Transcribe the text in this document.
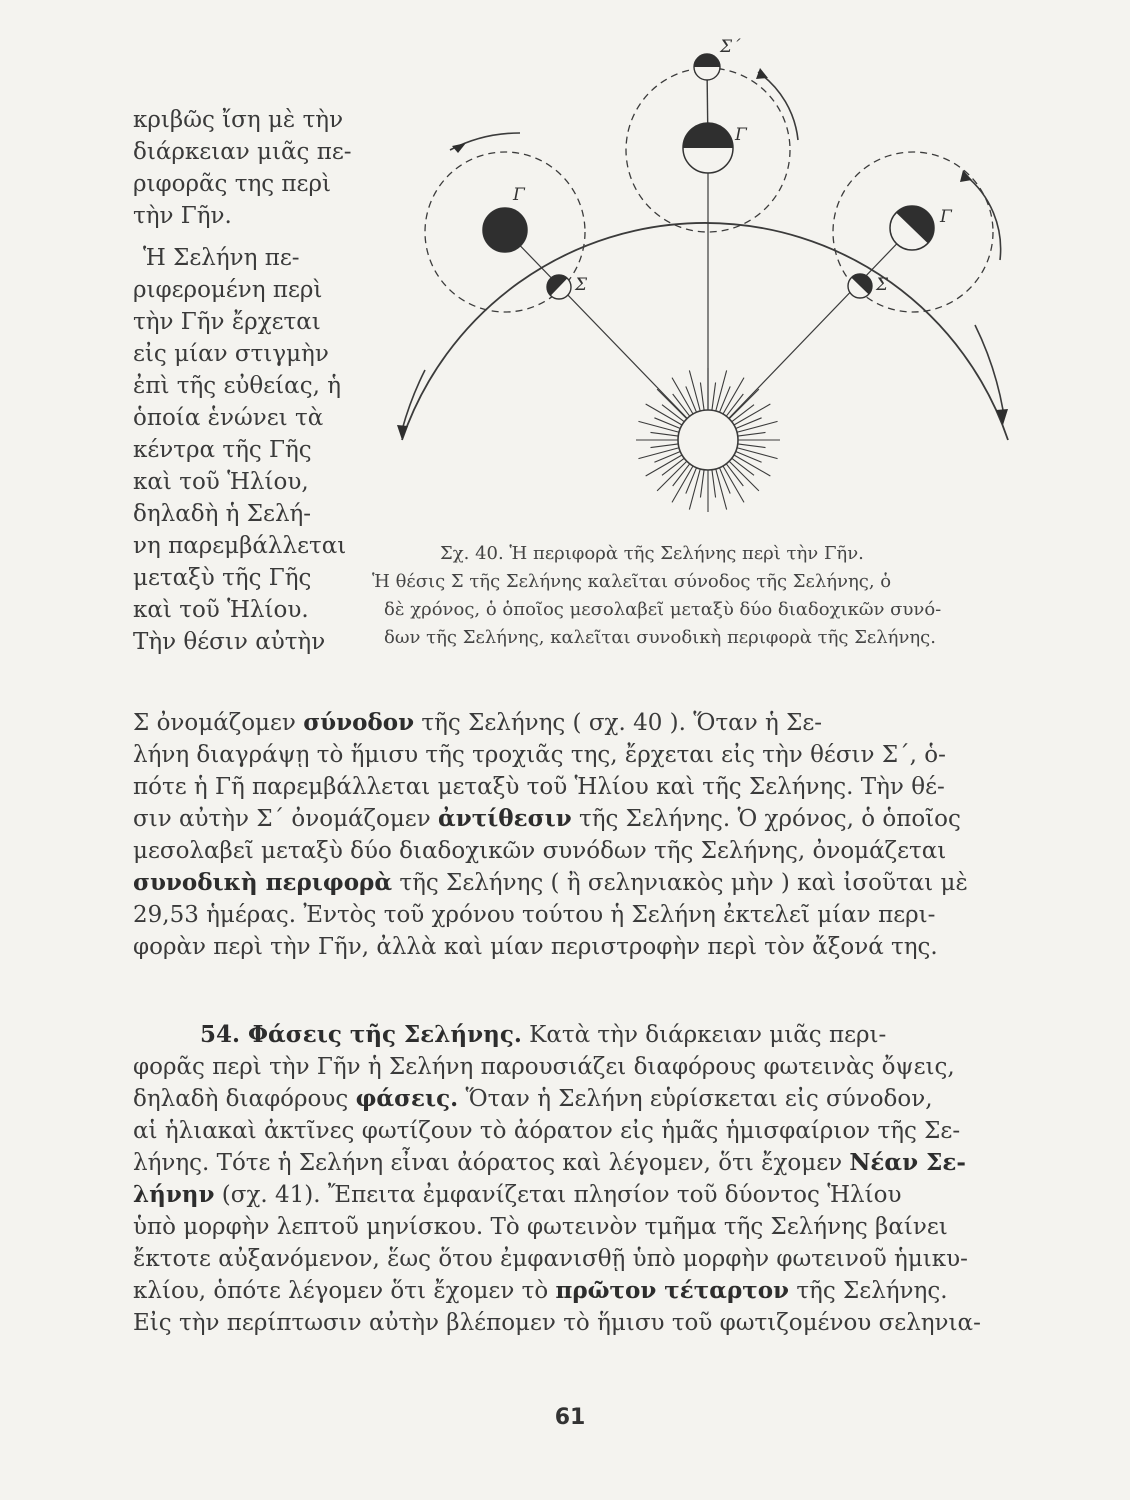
Σ΄
Γ
Γ
Σ
Γ
Σ
Σχ. 40. Ἡ περιφορὰ τῆς Σελήνης περὶ τὴν Γῆν.
Ἡ θέσις Σ τῆς Σελήνης καλεῖται σύνοδος τῆς Σελήνης, ὁ
δὲ χρόνος, ὁ ὁποῖος μεσολαβεῖ μεταξὺ δύο διαδοχικῶν συνό-
δων τῆς Σελήνης, καλεῖται συνοδικὴ περιφορὰ τῆς Σελήνης.
κριβῶς ἴση μὲ τὴν
διάρκειαν μιᾶς πε-
ριφορᾶς της περὶ
τὴν Γῆν.
Ἡ Σελήνη πε-
ριφερομένη περὶ
τὴν Γῆν ἔρχεται
εἰς μίαν στιγμὴν
ἐπὶ τῆς εὐθείας, ἡ
ὁποία ἑνώνει τὰ
κέντρα τῆς Γῆς
καὶ τοῦ Ἡλίου,
δηλαδὴ ἡ Σελή-
νη παρεμβάλλεται
μεταξὺ τῆς Γῆς
καὶ τοῦ Ἡλίου.
Τὴν θέσιν αὐτὴν
Σ ὀνομάζομεν σύνοδον τῆς Σελήνης ( σχ. 40 ). Ὅταν ἡ Σε-
λήνη διαγράψῃ τὸ ἥμισυ τῆς τροχιᾶς της, ἔρχεται εἰς τὴν θέσιν Σ΄, ὁ-
πότε ἡ Γῆ παρεμβάλλεται μεταξὺ τοῦ Ἡλίου καὶ τῆς Σελήνης. Τὴν θέ-
σιν αὐτὴν Σ΄ ὀνομάζομεν ἀντίθεσιν τῆς Σελήνης. Ὁ χρόνος, ὁ ὁποῖος
μεσολαβεῖ μεταξὺ δύο διαδοχικῶν συνόδων τῆς Σελήνης, ὀνομάζεται
συνοδικὴ περιφορὰ τῆς Σελήνης ( ἢ σεληνιακὸς μὴν ) καὶ ἰσοῦται μὲ
29,53 ἡμέρας. Ἐντὸς τοῦ χρόνου τούτου ἡ Σελήνη ἐκτελεῖ μίαν περι-
φορὰν περὶ τὴν Γῆν, ἀλλὰ καὶ μίαν περιστροφὴν περὶ τὸν ἄξονά της.
54. Φάσεις τῆς Σελήνης. Κατὰ τὴν διάρκειαν μιᾶς περι-
φορᾶς περὶ τὴν Γῆν ἡ Σελήνη παρουσιάζει διαφόρους φωτεινὰς ὄψεις,
δηλαδὴ διαφόρους φάσεις. Ὅταν ἡ Σελήνη εὑρίσκεται εἰς σύνοδον,
αἱ ἡλιακαὶ ἀκτῖνες φωτίζουν τὸ ἀόρατον εἰς ἡμᾶς ἡμισφαίριον τῆς Σε-
λήνης. Τότε ἡ Σελήνη εἶναι ἀόρατος καὶ λέγομεν, ὅτι ἔχομεν Νέαν Σε-
λήνην (σχ. 41). Ἔπειτα ἐμφανίζεται πλησίον τοῦ δύοντος Ἡλίου
ὑπὸ μορφὴν λεπτοῦ μηνίσκου. Τὸ φωτεινὸν τμῆμα τῆς Σελήνης βαίνει
ἔκτοτε αὐξανόμενον, ἕως ὅτου ἐμφανισθῇ ὑπὸ μορφὴν φωτεινοῦ ἡμικυ-
κλίου, ὁπότε λέγομεν ὅτι ἔχομεν τὸ πρῶτον τέταρτον τῆς Σελήνης.
Εἰς τὴν περίπτωσιν αὐτὴν βλέπομεν τὸ ἥμισυ τοῦ φωτιζομένου σεληνια-
61
